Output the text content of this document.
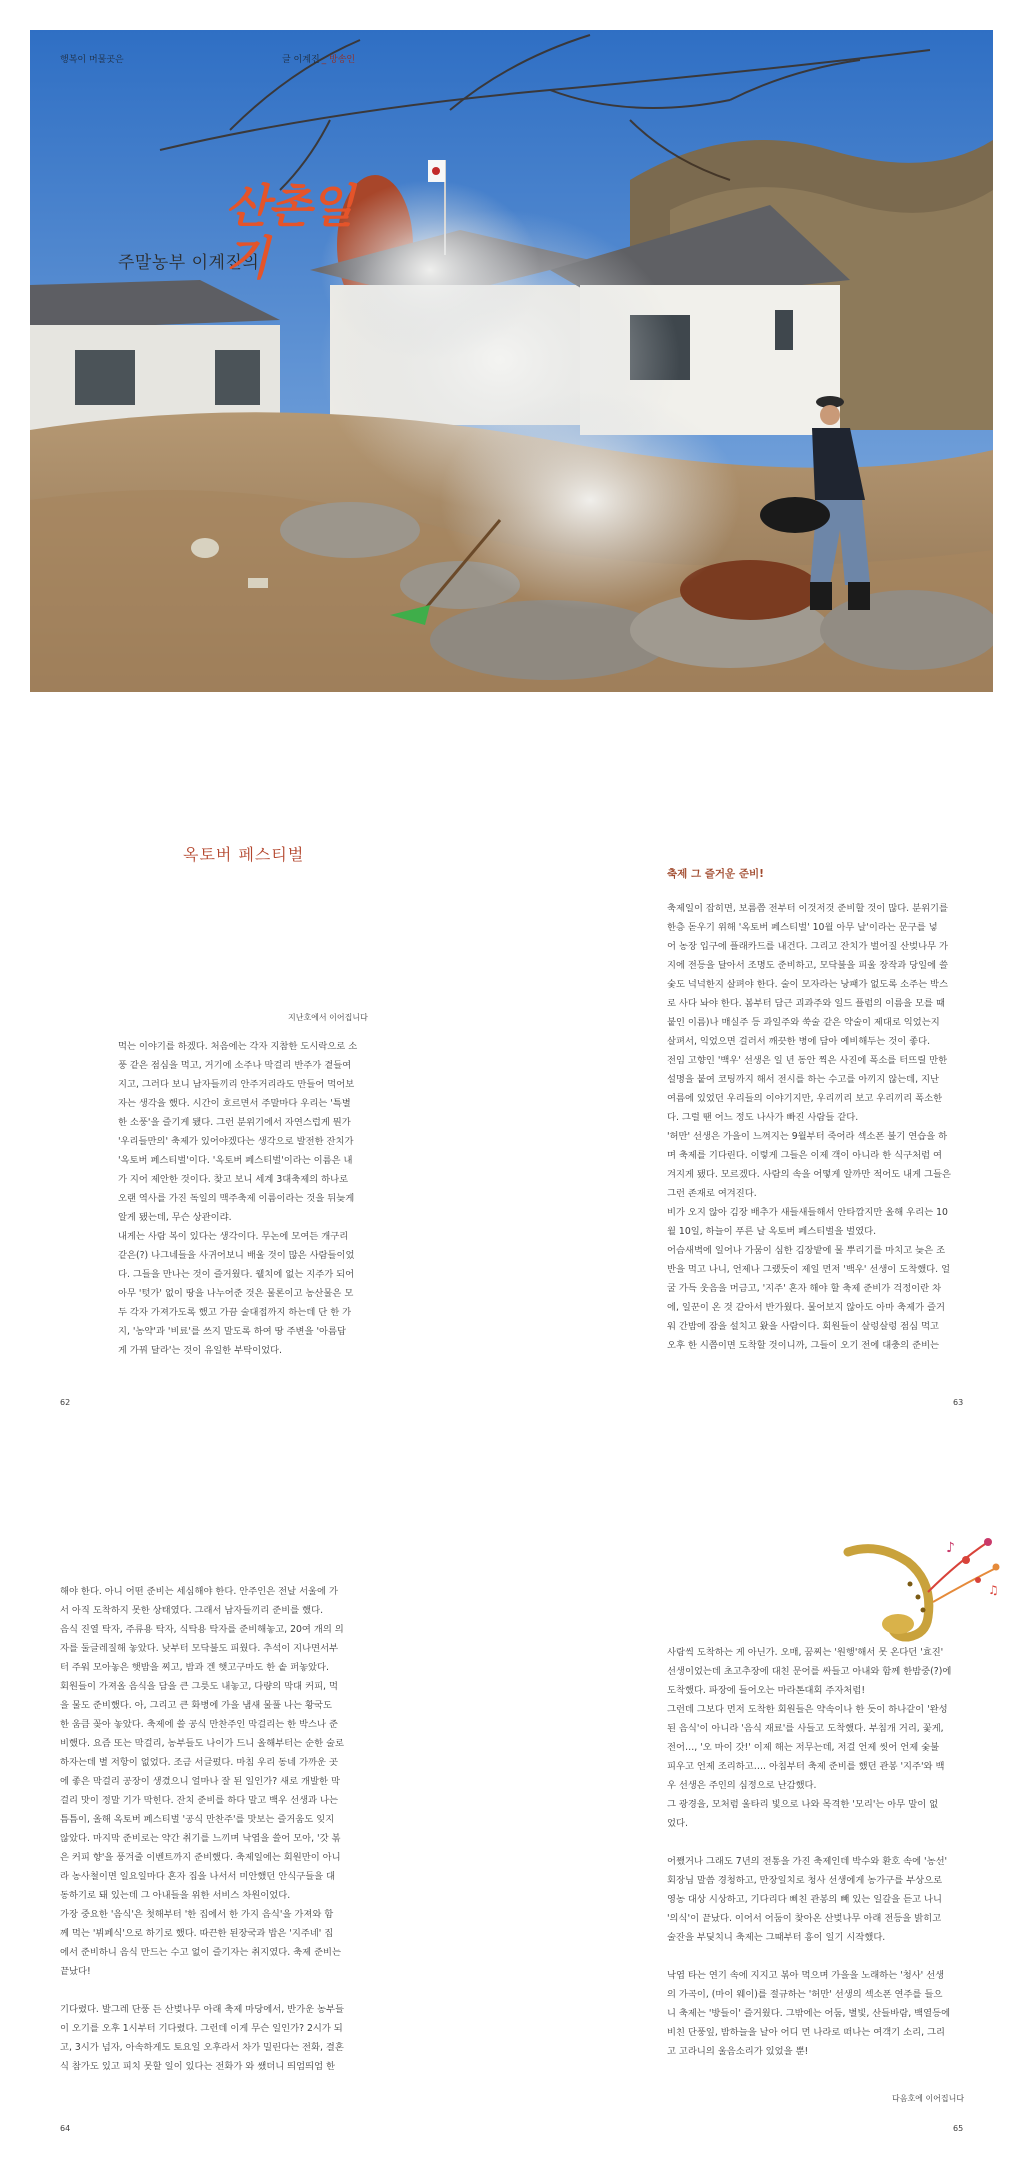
행복이 머물곳은	글 이계진 _ 방송인
주말농부 이계진의
산촌일기
옥토버 페스티벌
지난호에서 이어집니다

먹는 이야기를 하겠다. 처음에는 각자 지참한 도시락으로 소

풍 같은 점심을 먹고, 거기에 소주나 막걸리 반주가 곁들여

지고, 그러다 보니 남자들끼리 안주거리라도 만들어 먹어보

자는 생각을 했다. 시간이 흐르면서 주말마다 우리는 '특별

한 소풍'을 즐기게 됐다. 그런 분위기에서 자연스럽게 뭔가

'우리들만의' 축제가 있어야겠다는 생각으로 발전한 잔치가

'옥토버 페스티벌'이다. '옥토버 페스티벌'이라는 이름은 내

가 지어 제안한 것이다. 찾고 보니 세계 3대축제의 하나로

오랜 역사를 가진 독일의 맥주축제 이름이라는 것을 뒤늦게

알게 됐는데, 무슨 상관이랴.

내게는 사람 복이 있다는 생각이다. 무논에 모여든 개구리

같은(?) 나그네들을 사귀어보니 배울 것이 많은 사람들이었

다. 그들을 만나는 것이 즐거웠다. 웰치에 없는 지주가 되어

아무 '텃가' 없이 땅을 나누어준 것은 물론이고 농산물은 모

두 각자 가져가도록 했고 가끔 술대접까지 하는데 단 한 가

지, '농약'과 '비료'를 쓰지 말도록 하여 땅 주변을 '아름답

게 가꿔 달라'는 것이 유일한 부탁이었다.

62
축제 그 즐거운 준비!

축제일이 잡히면, 보름쯤 전부터 이것저것 준비할 것이 많다. 분위기를

한층 돋우기 위해 '옥토버 페스티벌' 10월 아무 날'이라는 문구를 넣

어 농장 입구에 플래카드를 내건다. 그리고 잔치가 벌어질 산벚나무 가

지에 전등을 달아서 조명도 준비하고, 모닥불을 피울 장작과 당일에 쓸

숯도 넉넉한지 살펴야 한다. 술이 모자라는 낭패가 없도록 소주는 박스

로 사다 놔야 한다. 봄부터 담근 괴과주와 일드 플럼의 이름을 모를 때

붙인 이름)나 매실주 등 과일주와 쑥술 같은 약술이 제대로 익었는지

살펴서, 익었으면 걸러서 깨끗한 병에 담아 예비해두는 것이 좋다.

전임 고향인 '백우' 선생은 일 년 동안 찍은 사진에 폭소를 터뜨릴 만한

설명을 붙여 코팅까지 해서 전시를 하는 수고를 아끼지 않는데, 지난

여름에 있었던 우리들의 이야기지만, 우리끼리 보고 우리끼리 폭소한

다. 그럴 땐 어느 정도 나사가 빠진 사람들 같다.

'허만' 선생은 가을이 느껴지는 9월부터 죽어라 섹소폰 불기 연습을 하

며 축제를 기다린다. 이렇게 그들은 이제 객이 아니라 한 식구처럼 여

겨지게 됐다. 모르겠다. 사람의 속을 어떻게 알까만 적어도 내게 그들은

그런 존재로 여겨진다.

비가 오지 않아 김장 배추가 새들새들해서 안타깝지만 올해 우리는 10

월 10일, 하늘이 푸른 날 옥토버 페스티벌을 벌였다.

어슴새벽에 일어나 가뭄이 심한 김장밭에 물 뿌리기를 마치고 늦은 조

반을 먹고 나니, 언제나 그랬듯이 제일 먼저 '백우' 선생이 도착했다. 얼

굴 가득 웃음을 머금고, '지주' 혼자 해야 할 축제 준비가 걱정이란 차

에, 일꾼이 온 것 같아서 반가웠다. 물어보지 않아도 아마 축제가 즐거

워 간밤에 잠을 설치고 왔을 사람이다. 회원들이 살렁살렁 점심 먹고

오후 한 시쯤이면 도착할 것이니까, 그들이 오기 전에 대충의 준비는

63

해야 한다. 아니 어떤 준비는 세심해야 한다. 안주인은 전날 서울에 가

서 아직 도착하지 못한 상태였다. 그래서 남자들끼리 준비를 했다.

음식 진열 탁자, 주류용 탁자, 식탁용 탁자를 준비해놓고, 20여 개의 의

자를 둘글레질해 놓았다. 낮부터 모닥불도 피웠다. 추석이 지나면서부

터 주워 모아놓은 햇밤을 찌고, 밤과 겐 햇고구마도 한 솥 퍼놓았다.

회원들이 가져올 음식을 담을 큰 그릇도 내놓고, 다량의 막대 커피, 먹

을 물도 준비했다. 아, 그리고 큰 화병에 가을 냄새 물풀 나는 황국도

한 움큼 꽂아 놓았다. 축제에 쓸 공식 만찬주인 막걸리는 한 박스나 준

비했다. 요즘 또는 막걸리, 농부들도 나이가 드니 올해부터는 순한 술로

하자는데 별 저항이 없었다. 조금 서글펐다. 마침 우리 동네 가까운 곳

에 좋은 막걸리 공장이 생겼으니 얼마나 잘 된 일인가? 새로 개발한 막

걸리 맛이 정말 기가 막힌다. 잔치 준비를 하다 말고 백우 선생과 나는

틈틈이, 올해 옥토버 페스티벌 '공식 만찬주'를 맛보는 즐거움도 잊지

않았다. 마지막 준비로는 약간 취기를 느끼며 낙엽을 쓸어 모아, '갓 볶

은 커피 향'을 풍겨줄 이벤트까지 준비했다. 축제일에는 회원만이 아니

라 농사철이면 일요일마다 혼자 집을 나서서 미안했던 안식구들을 대

동하기로 돼 있는데 그 아내들을 위한 서비스 차원이었다.

가장 중요한 '음식'은 첫해부터 '한 집에서 한 가지 음식'을 가져와 함

께 먹는 '뷔페식'으로 하기로 했다. 따끈한 된장국과 밥은 '지주네' 집

에서 준비하니 음식 만드는 수고 없이 즐기자는 취지였다. 축제 준비는

끝났다!

기다렸다. 발그레 단풍 든 산벚나무 아래 축제 마당에서, 반가운 농부들

이 오기를 오후 1시부터 기다렸다. 그런데 이게 무슨 일인가? 2시가 되

고, 3시가 넘자, 아속하게도 토요일 오후라서 차가 밀린다는 전화, 결혼

식 참가도 있고 피치 못할 일이 있다는 전화가 와 쌨더니 띄엄띄엄 한

64
♪
♫

사람씩 도착하는 게 아닌가. 오매, 꿈찌는 '원행'해서 못 온다던 '효진'

선생이었는데 초고추장에 대친 문어를 싸들고 아내와 함께 한밤중(?)에

도착했다. 파장에 들어오는 마라톤대회 주자처럼!

그런데 그보다 먼저 도착한 회원들은 약속이나 한 듯이 하나같이 '완성

된 음식'이 아니라 '음식 재료'를 사들고 도착했다. 부침개 거리, 꽃게,

전어…, '오 마이 갓!' 이제 해는 저무는데, 저걸 언제 씻어 언제 숯불

피우고 언제 조리하고…. 아침부터 축제 준비를 했던 관봉 '지주'와 백

우 선생은 주인의 심정으로 난감했다.

그 광경을, 모처럼 울타리 빛으로 나와 목격한 '모리'는 아무 말이 없

었다.

어쨌거나 그래도 7년의 전통을 가진 축제인데 박수와 환호 속에 '농선'

회장님 말씀 경청하고, 만장일치로 청사 선생에게 농가구를 부상으로

영농 대상 시상하고, 기다리다 삐친 관봉의 빼 있는 일갈을 듣고 나니

'의식'이 끝났다. 이어서 어둠이 찾아온 산벚나무 아래 전등을 밝히고

술잔을 부딪치니 축제는 그때부터 흥이 일기 시작했다.

낙엽 타는 연기 속에 지지고 볶아 먹으며 가을을 노래하는 '청사' 선생

의 가곡이, (마이 웨이)를 절규하는 '허만' 선생의 섹소폰 연주를 들으

니 축제는 '방들이' 즐거웠다. 그밖에는 어둠, 별빛, 산들바람, 백열등에

비친 단풍잎, 밤하늘을 날아 어디 먼 나라로 떠나는 여객기 소리, 그리

고 고라니의 울음소리가 있었을 뿐!

다음호에 이어집니다
65
